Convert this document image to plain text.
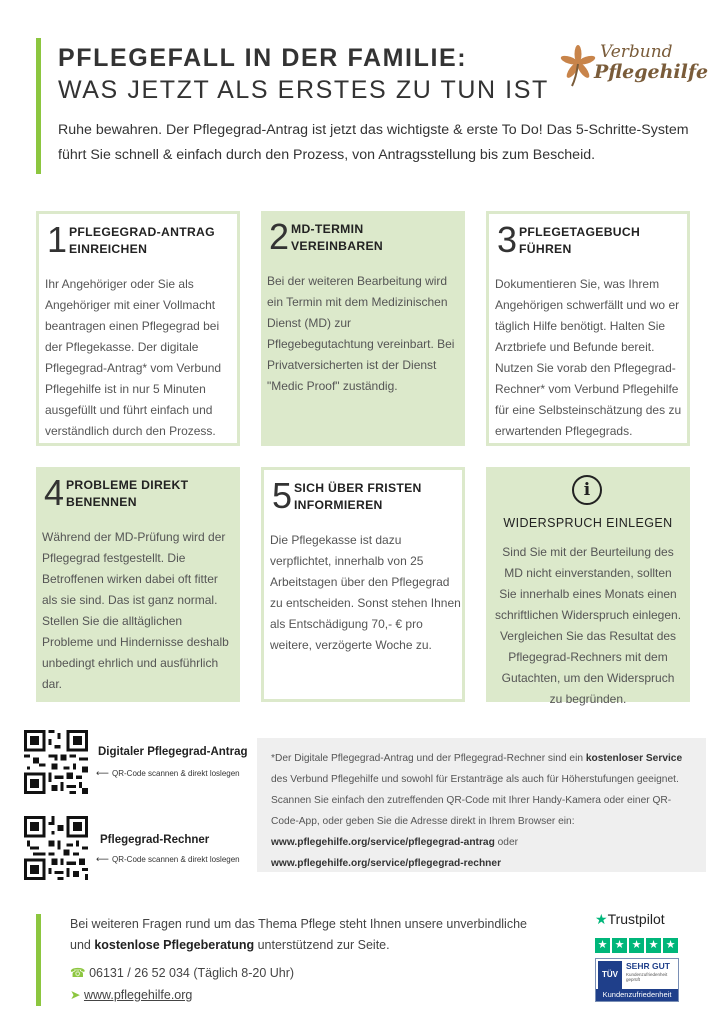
PFLEGEFALL IN DER FAMILIE:
WAS JETZT ALS ERSTES ZU TUN IST
Ruhe bewahren. Der Pflegegrad-Antrag ist jetzt das wichtigste & erste To Do! Das 5-Schritte-System führt Sie schnell & einfach durch den Prozess, von Antragsstellung bis zum Bescheid.
Verbund
Pflegehilfe
1 PFLEGEGRAD-ANTRAG EINREICHEN
Ihr Angehöriger oder Sie als Angehöriger mit einer Vollmacht beantragen einen Pflegegrad bei der Pflegekasse. Der digitale Pflegegrad-Antrag* vom Verbund Pflegehilfe ist in nur 5 Minuten ausgefüllt und führt einfach und verständlich durch den Prozess.
2 MD-TERMIN VEREINBAREN
Bei der weiteren Bearbeitung wird ein Termin mit dem Medizinischen Dienst (MD) zur Pflegebegutachtung vereinbart. Bei Privatversicherten ist der Dienst "Medic Proof" zuständig.
3 PFLEGETAGEBUCH FÜHREN
Dokumentieren Sie, was Ihrem Angehörigen schwerfällt und wo er täglich Hilfe benötigt. Halten Sie Arztbriefe und Befunde bereit. Nutzen Sie vorab den Pflegegrad-Rechner* vom Verbund Pflegehilfe für eine Selbsteinschätzung des zu erwartenden Pflegegrads.
4 PROBLEME DIREKT BENENNEN
Während der MD-Prüfung wird der Pflegegrad festgestellt. Die Betroffenen wirken dabei oft fitter als sie sind. Das ist ganz normal. Stellen Sie die alltäglichen Probleme und Hindernisse deshalb unbedingt ehrlich und ausführlich dar.
5 SICH ÜBER FRISTEN INFORMIEREN
Die Pflegekasse ist dazu verpflichtet, innerhalb von 25 Arbeitstagen über den Pflegegrad zu entscheiden. Sonst stehen Ihnen als Entschädigung 70,- € pro weitere, verzögerte Woche zu.
i
WIDERSPRUCH EINLEGEN
Sind Sie mit der Beurteilung des MD nicht einverstanden, sollten Sie innerhalb eines Monats einen schriftlichen Widerspruch einlegen. Vergleichen Sie das Resultat des Pflegegrad-Rechners mit dem Gutachten, um den Widerspruch zu begründen.
Digitaler Pflegegrad-Antrag
⟵ QR-Code scannen & direkt loslegen
Pflegegrad-Rechner
⟵ QR-Code scannen & direkt loslegen
*Der Digitale Pflegegrad-Antrag und der Pflegegrad-Rechner sind ein kostenloser Service des Verbund Pflegehilfe und sowohl für Erstanträge als auch für Höherstufungen geeignet. Scannen Sie einfach den zutreffenden QR-Code mit Ihrer Handy-Kamera oder einer QR-Code-App, oder geben Sie die Adresse direkt in Ihrem Browser ein:
www.pflegehilfe.org/service/pflegegrad-antrag oder
www.pflegehilfe.org/service/pflegegrad-rechner
Bei weiteren Fragen rund um das Thema Pflege steht Ihnen unsere unverbindliche und kostenlose Pflegeberatung unterstützend zur Seite.
☎ 06131 / 26 52 034 (Täglich 8-20 Uhr)
➤ www.pflegehilfe.org
★Trustpilot
★ ★ ★ ★ ★
TÜV
SEHR GUT
Kundenzufriedenheit geprüft
Kundenzufriedenheit
